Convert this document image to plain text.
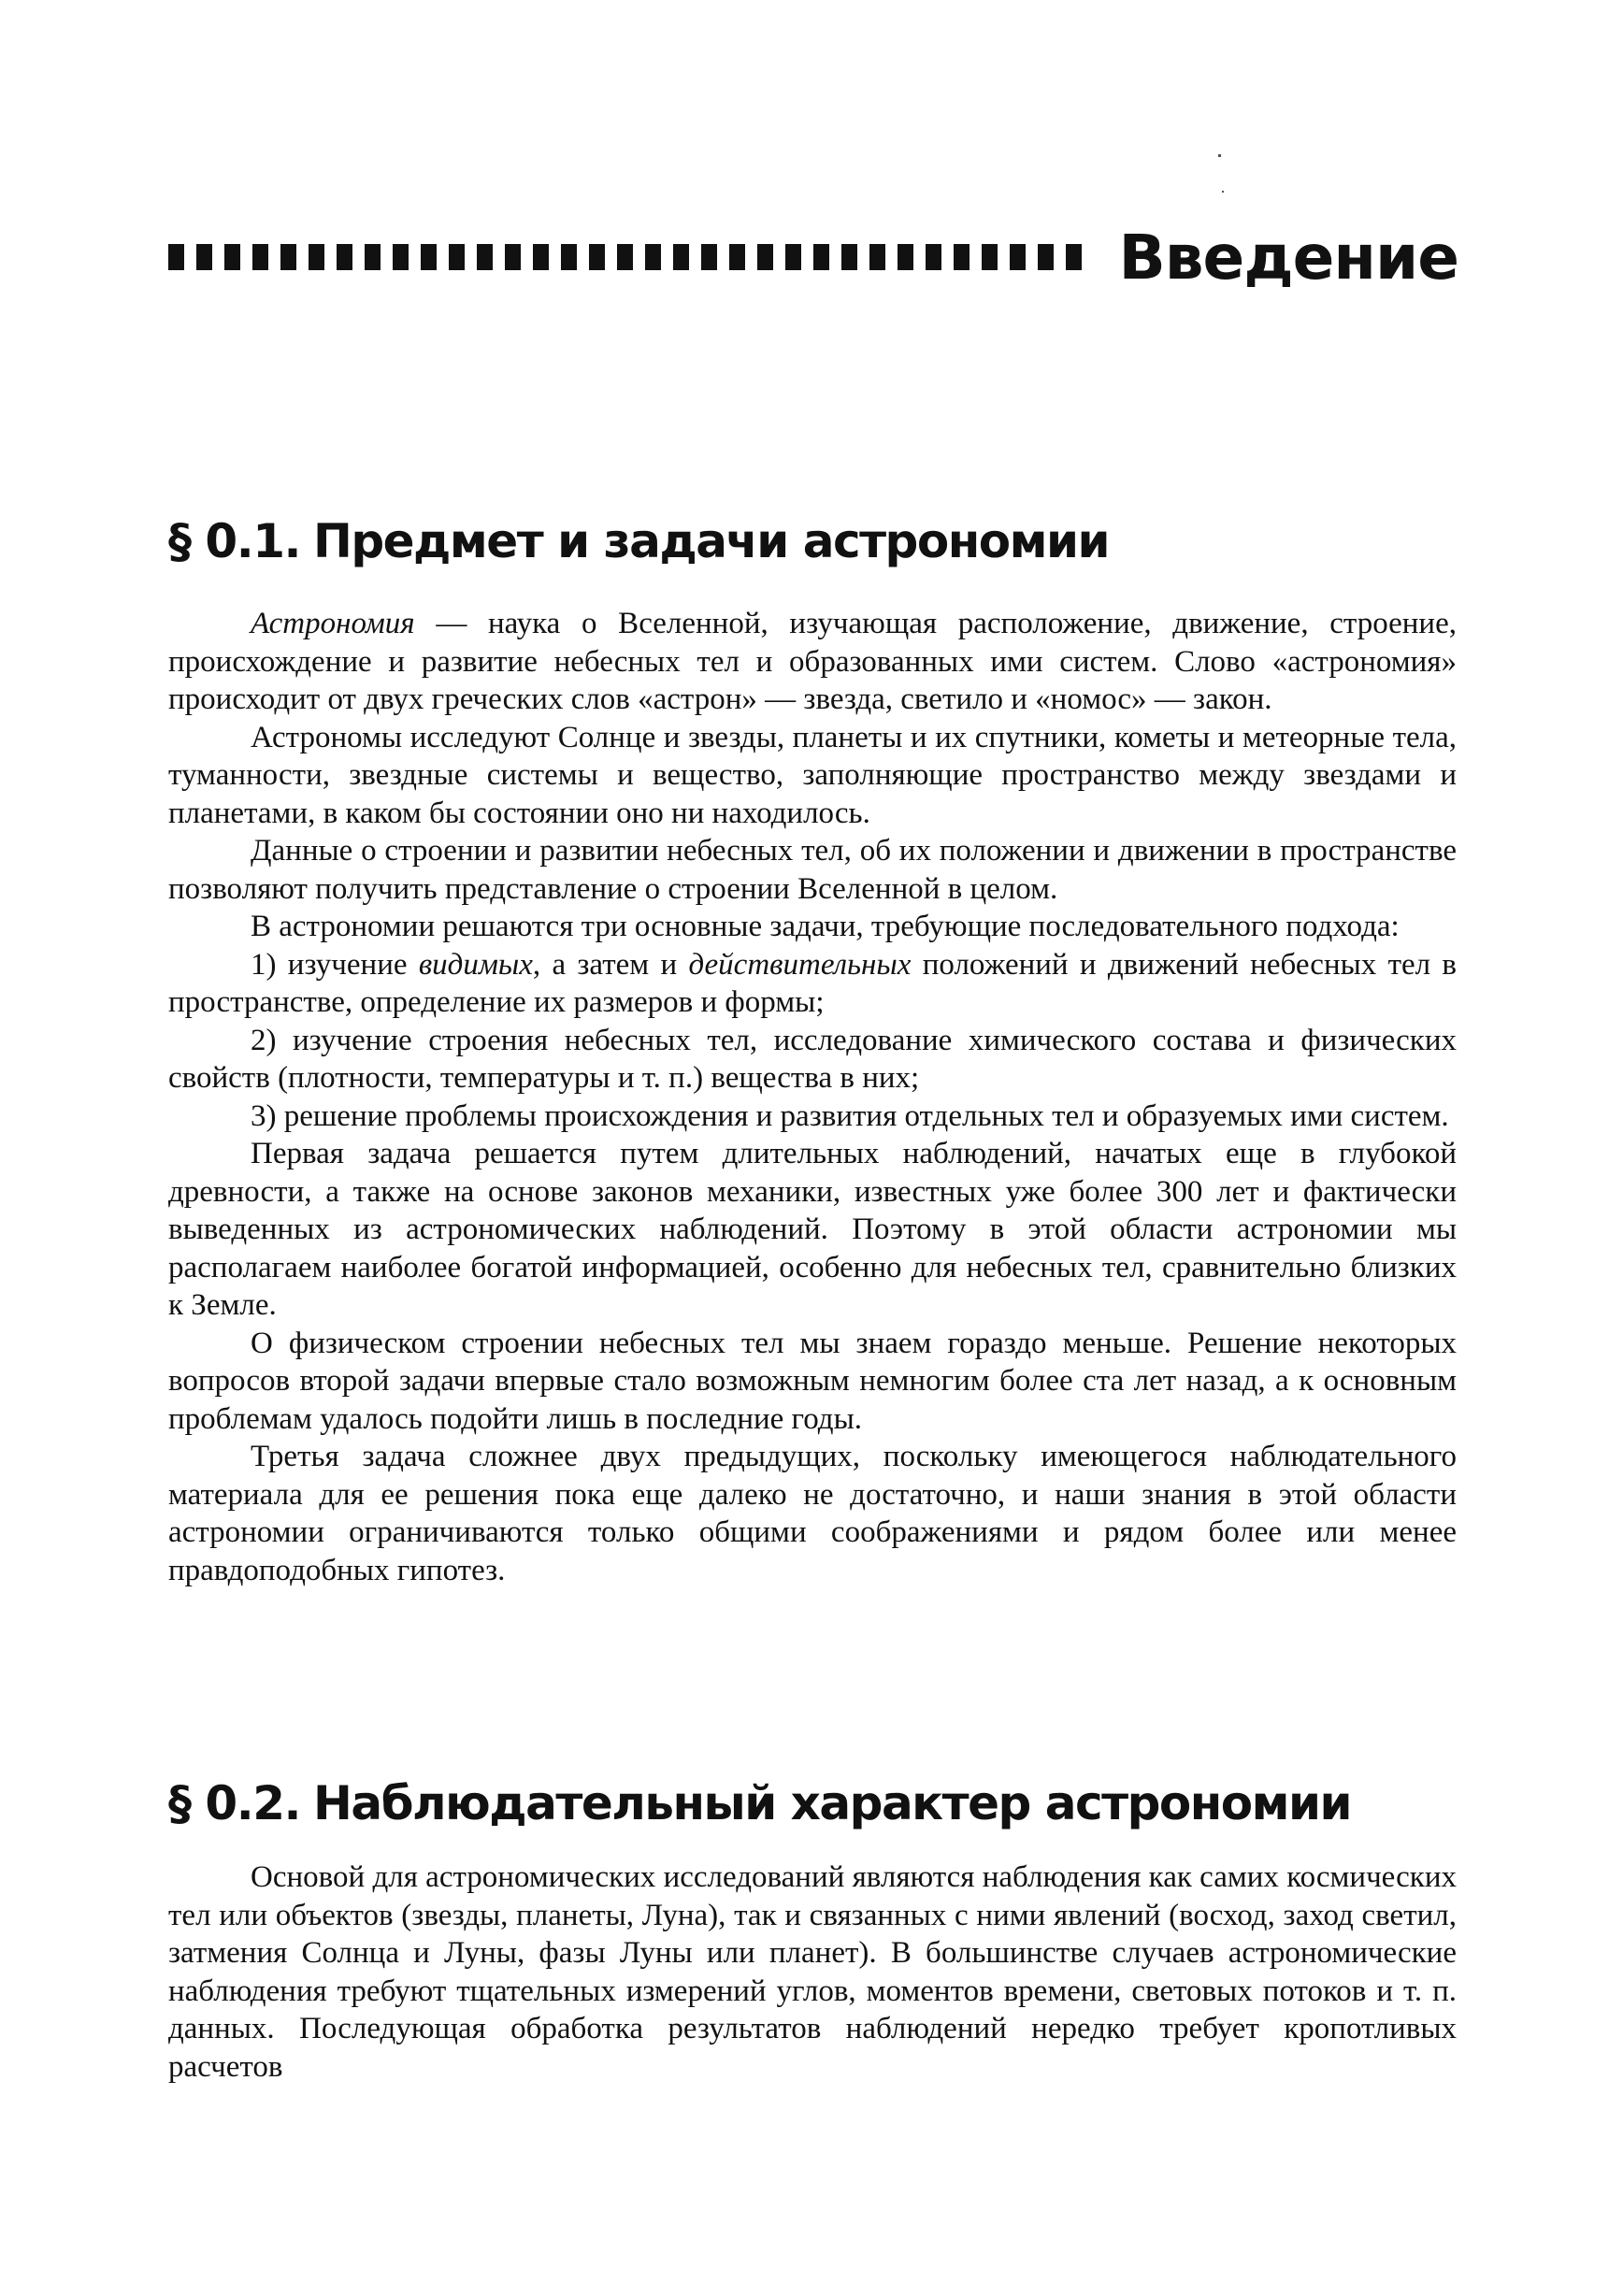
Введение
§ 0.1. Предмет и задачи астрономии

Астрономия — наука о Вселенной, изучающая расположение, движение, строение, происхождение и развитие небесных тел и образованных ими систем. Слово «астрономия» происходит от двух греческих слов «астрон» — звезда, светило и «номос» — закон.

Астрономы исследуют Солнце и звезды, планеты и их спутники, кометы и метеорные тела, туманности, звездные системы и вещество, заполняющие пространство между звездами и планетами, в каком бы состоянии оно ни находилось.

Данные о строении и развитии небесных тел, об их положении и движении в пространстве позволяют получить представление о строении Вселенной в целом.

В астрономии решаются три основные задачи, требующие последовательного подхода:

1) изучение видимых, а затем и действительных положений и движений небесных тел в пространстве, определение их размеров и формы;

2) изучение строения небесных тел, исследование химического состава и физических свойств (плотности, температуры и т. п.) вещества в них;

3) решение проблемы происхождения и развития отдельных тел и образуемых ими систем.

Первая задача решается путем длительных наблюдений, начатых еще в глубокой древности, а также на основе законов механики, известных уже более 300 лет и фактически выведенных из астрономических наблюдений. Поэтому в этой области астрономии мы располагаем наиболее богатой информацией, особенно для небесных тел, сравнительно близких к Земле.

О физическом строении небесных тел мы знаем гораздо меньше. Решение некоторых вопросов второй задачи впервые стало возможным немногим более ста лет назад, а к основным проблемам удалось подойти лишь в последние годы.

Третья задача сложнее двух предыдущих, поскольку имеющегося наблюдательного материала для ее решения пока еще далеко не достаточно, и наши знания в этой области астрономии ограничиваются только общими соображениями и рядом более или менее правдоподобных гипотез.

§ 0.2. Наблюдательный характер астрономии

Основой для астрономических исследований являются наблюдения как самих космических тел или объектов (звезды, планеты, Луна), так и связанных с ними явлений (восход, заход светил, затмения Солнца и Луны, фазы Луны или планет). В большинстве случаев астрономические наблюдения требуют тщательных измерений углов, моментов времени, световых потоков и т. п. данных. Последующая обработка результатов наблюдений нередко требует кропотливых расчетов
